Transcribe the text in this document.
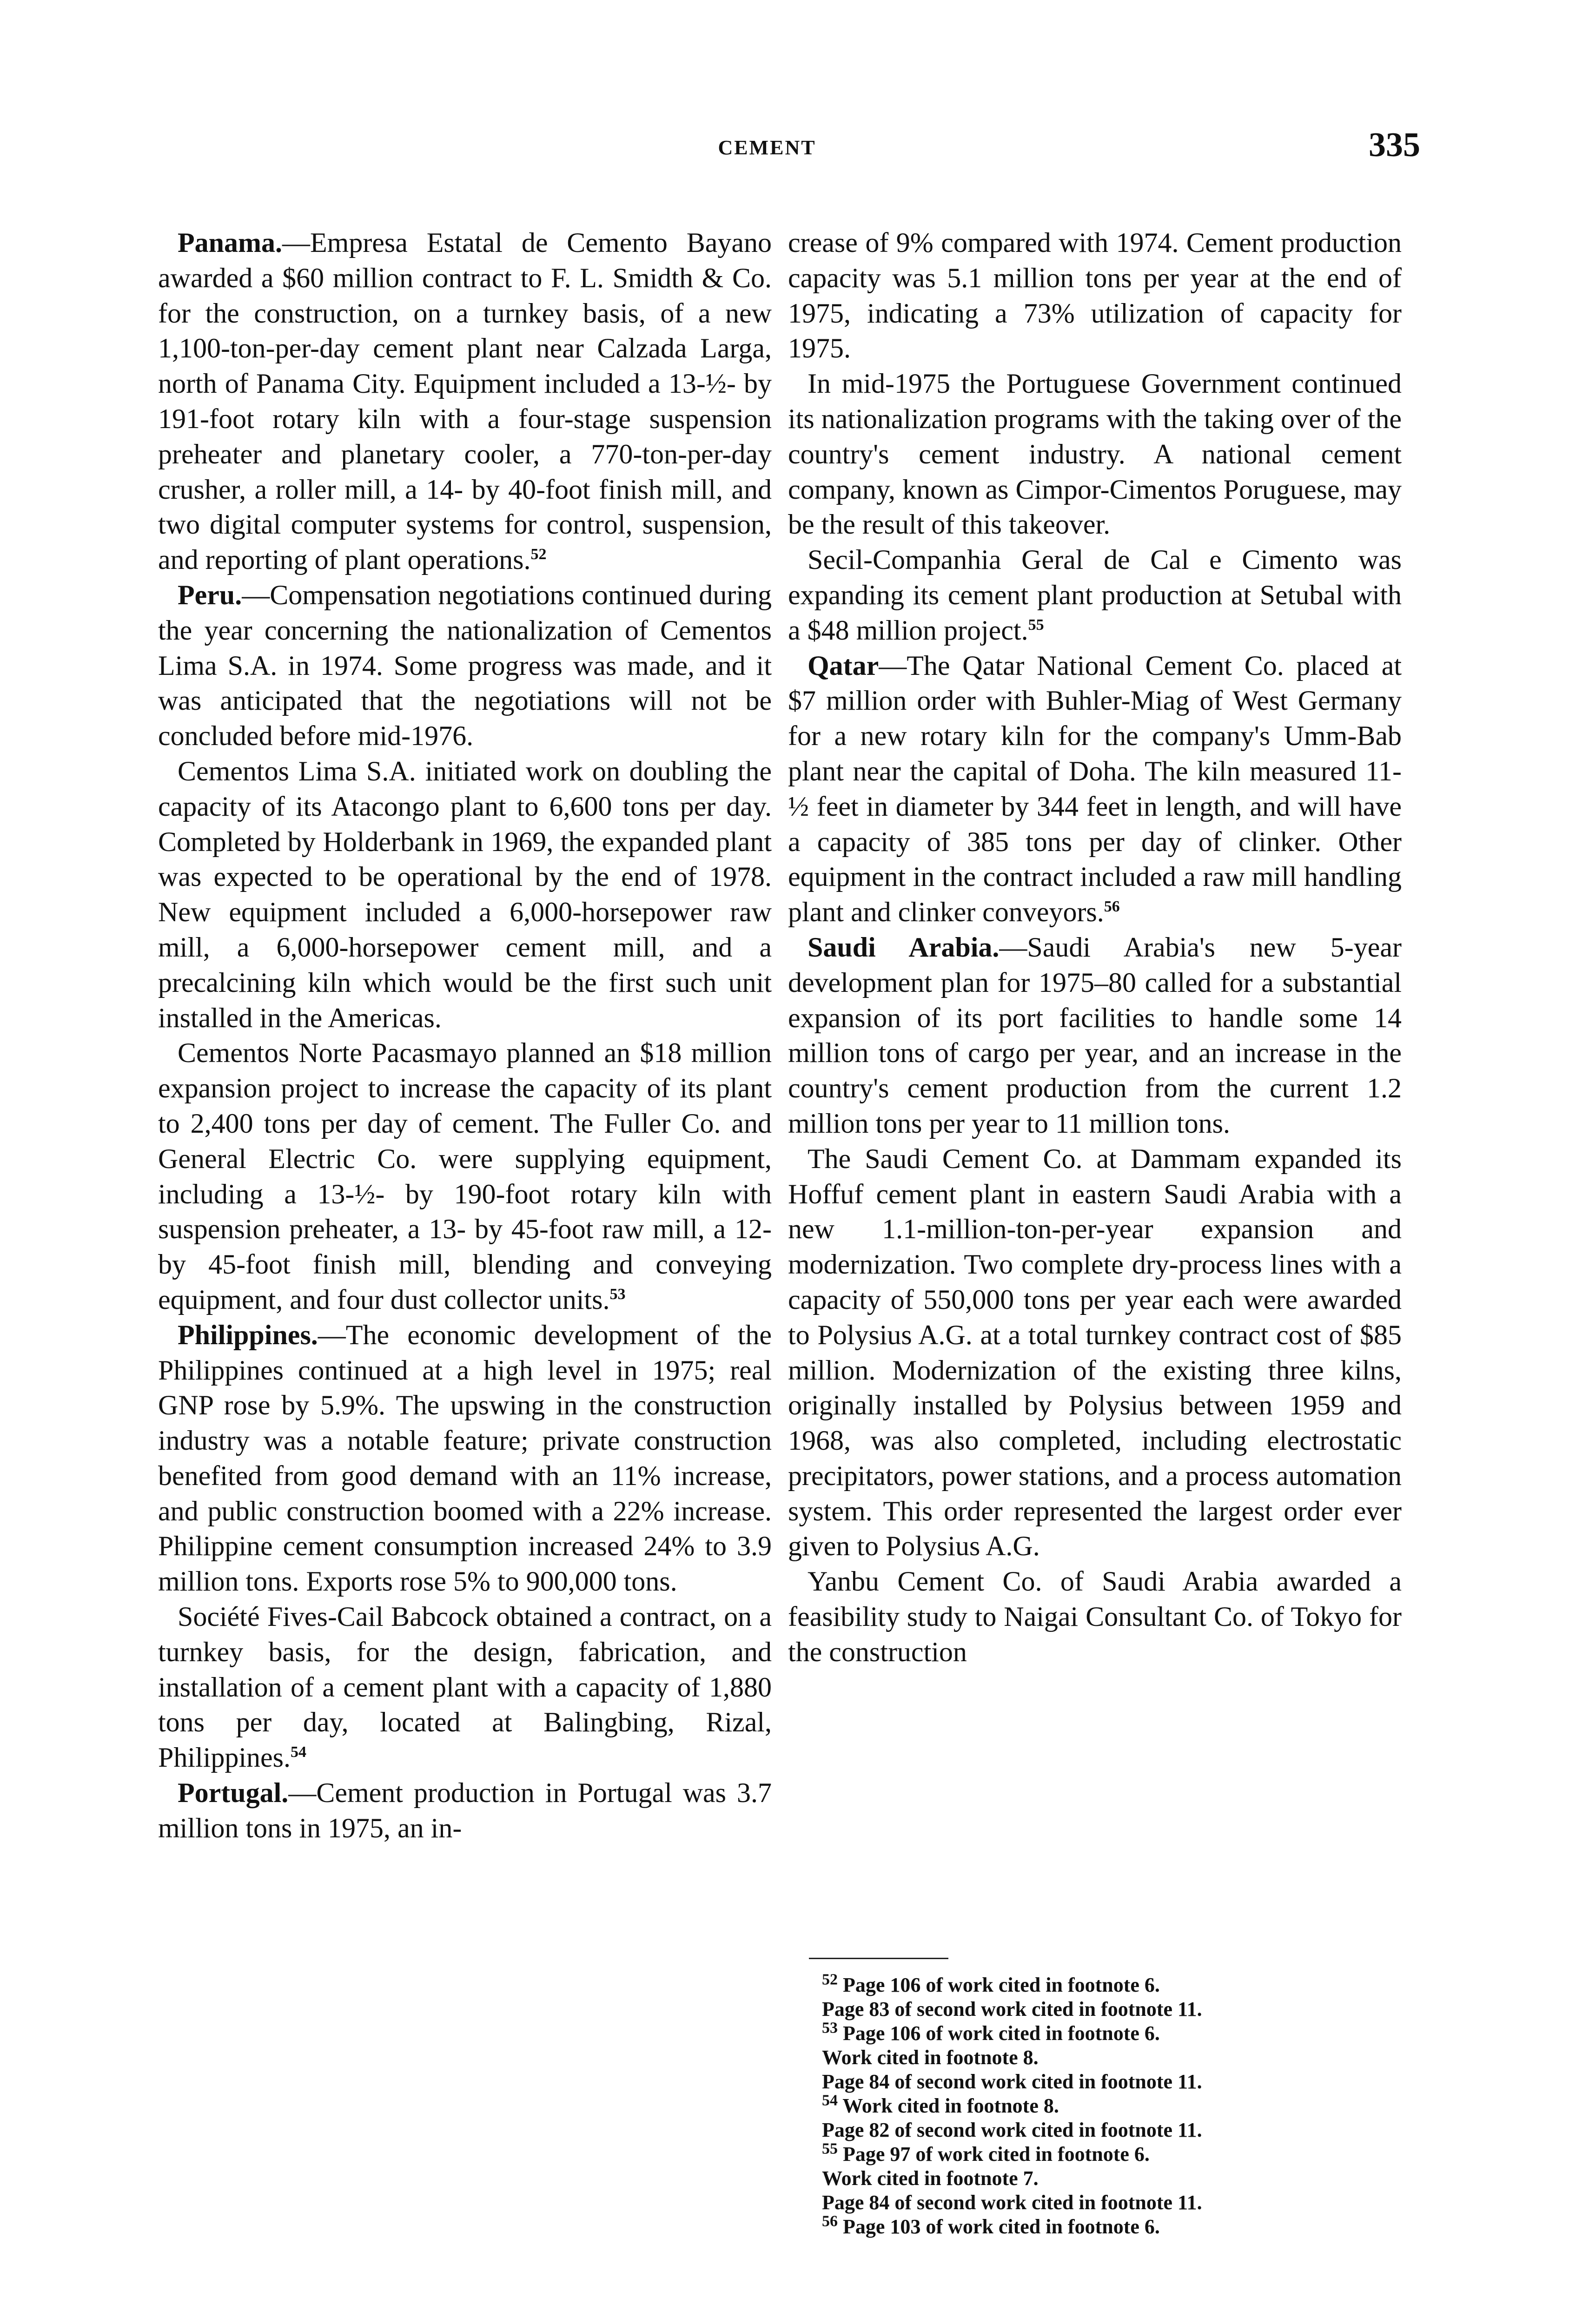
CEMENT	335

Panama.—Empresa Estatal de Cemento Bayano awarded a $60 million contract to F. L. Smidth & Co. for the construction, on a turnkey basis, of a new 1,100-ton-per-day cement plant near Calzada Larga, north of Panama City. Equipment included a 13-½- by 191-foot rotary kiln with a four-stage suspension preheater and planetary cooler, a 770-ton-per-day crusher, a roller mill, a 14- by 40-foot finish mill, and two digital computer systems for control, suspension, and reporting of plant operations.$^{52}$

Peru.—Compensation negotiations continued during the year concerning the nationalization of Cementos Lima S.A. in 1974. Some progress was made, and it was anticipated that the negotiations will not be concluded before mid-1976.

Cementos Lima S.A. initiated work on doubling the capacity of its Atacongo plant to 6,600 tons per day. Completed by Holderbank in 1969, the expanded plant was expected to be operational by the end of 1978. New equipment included a 6,000-horsepower raw mill, a 6,000-horsepower cement mill, and a precalcining kiln which would be the first such unit installed in the Americas.

Cementos Norte Pacasmayo planned an $18 million expansion project to increase the capacity of its plant to 2,400 tons per day of cement. The Fuller Co. and General Electric Co. were supplying equipment, including a 13-½- by 190-foot rotary kiln with suspension preheater, a 13- by 45-foot raw mill, a 12- by 45-foot finish mill, blending and conveying equipment, and four dust collector units.$^{53}$

Philippines.—The economic development of the Philippines continued at a high level in 1975; real GNP rose by 5.9%. The upswing in the construction industry was a notable feature; private construction benefited from good demand with an 11% increase, and public construction boomed with a 22% increase. Philippine cement consumption increased 24% to 3.9 million tons. Exports rose 5% to 900,000 tons.

Société Fives-Cail Babcock obtained a contract, on a turnkey basis, for the design, fabrication, and installation of a cement plant with a capacity of 1,880 tons per day, located at Balingbing, Rizal, Philippines.$^{54}$

Portugal.—Cement production in Portugal was 3.7 million tons in 1975, an in-

crease of 9% compared with 1974. Cement production capacity was 5.1 million tons per year at the end of 1975, indicating a 73% utilization of capacity for 1975.

In mid-1975 the Portuguese Government continued its nationalization programs with the taking over of the country's cement industry. A national cement company, known as Cimpor-Cimentos Poruguese, may be the result of this takeover.

Secil-Companhia Geral de Cal e Cimento was expanding its cement plant production at Setubal with a $48 million project.$^{55}$

Qatar—The Qatar National Cement Co. placed at $7 million order with Buhler-Miag of West Germany for a new rotary kiln for the company's Umm-Bab plant near the capital of Doha. The kiln measured 11-½ feet in diameter by 344 feet in length, and will have a capacity of 385 tons per day of clinker. Other equipment in the contract included a raw mill handling plant and clinker conveyors.$^{56}$

Saudi Arabia.—Saudi Arabia's new 5-year development plan for 1975–80 called for a substantial expansion of its port facilities to handle some 14 million tons of cargo per year, and an increase in the country's cement production from the current 1.2 million tons per year to 11 million tons.

The Saudi Cement Co. at Dammam expanded its Hoffuf cement plant in eastern Saudi Arabia with a new 1.1-million-ton-per-year expansion and modernization. Two complete dry-process lines with a capacity of 550,000 tons per year each were awarded to Polysius A.G. at a total turnkey contract cost of $85 million. Modernization of the existing three kilns, originally installed by Polysius between 1959 and 1968, was also completed, including electrostatic precipitators, power stations, and a process automation system. This order represented the largest order ever given to Polysius A.G.

Yanbu Cement Co. of Saudi Arabia awarded a feasibility study to Naigai Consultant Co. of Tokyo for the construction

$^{52}$ Page 106 of work cited in footnote 6.
Page 83 of second work cited in footnote 11.
$^{53}$ Page 106 of work cited in footnote 6.
Work cited in footnote 8.
Page 84 of second work cited in footnote 11.
$^{54}$ Work cited in footnote 8.
Page 82 of second work cited in footnote 11.
$^{55}$ Page 97 of work cited in footnote 6.
Work cited in footnote 7.
Page 84 of second work cited in footnote 11.
$^{56}$ Page 103 of work cited in footnote 6.
